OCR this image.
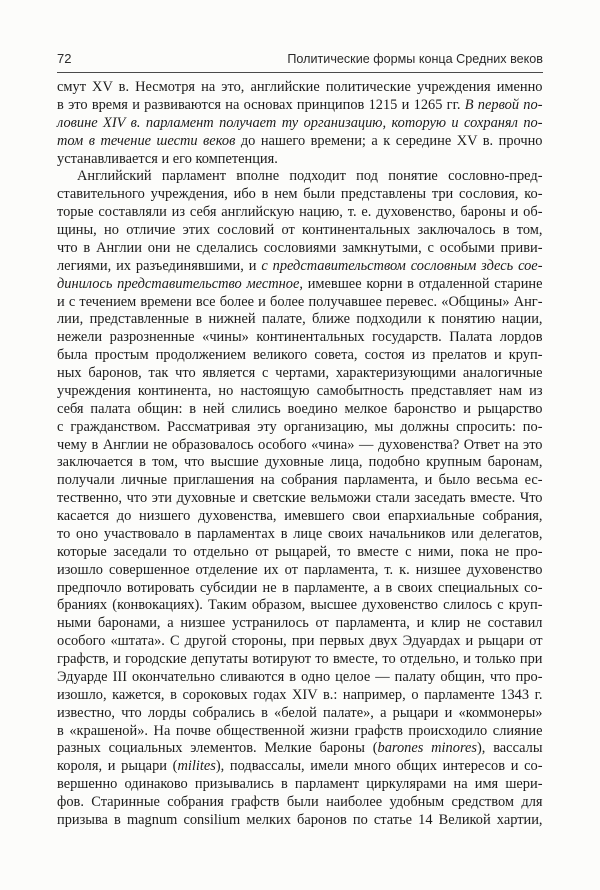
72	Политические формы конца Средних веков
смут XV в. Несмотря на это, английские политические учреждения именно
в это время и развиваются на основах принципов 1215 и 1265 гг. В первой по-
ловине XIV в. парламент получает ту организацию, которую и сохранял по-
том в течение шести веков до нашего времени; а к середине XV в. прочно
устанавливается и его компетенция.
Английский парламент вполне подходит под понятие сословно-пред-
ставительного учреждения, ибо в нем были представлены три сословия, ко-
торые составляли из себя английскую нацию, т. е. духовенство, бароны и об-
щины, но отличие этих сословий от континентальных заключалось в том,
что в Англии они не сделались сословиями замкнутыми, с особыми приви-
легиями, их разъединявшими, и с представительством сословным здесь сое-
динилось представительство местное, имевшее корни в отдаленной старине
и с течением времени все более и более получавшее перевес. «Общины» Анг-
лии, представленные в нижней палате, ближе подходили к понятию нации,
нежели разрозненные «чины» континентальных государств. Палата лордов
была простым продолжением великого совета, состоя из прелатов и круп-
ных баронов, так что является с чертами, характеризующими аналогичные
учреждения континента, но настоящую самобытность представляет нам из
себя палата общин: в ней слились воедино мелкое баронство и рыцарство
с гражданством. Рассматривая эту организацию, мы должны спросить: по-
чему в Англии не образовалось особого «чина» — духовенства? Ответ на это
заключается в том, что высшие духовные лица, подобно крупным баронам,
получали личные приглашения на собрания парламента, и было весьма ес-
тественно, что эти духовные и светские вельможи стали заседать вместе. Что
касается до низшего духовенства, имевшего свои епархиальные собрания,
то оно участвовало в парламентах в лице своих начальников или делегатов,
которые заседали то отдельно от рыцарей, то вместе с ними, пока не про-
изошло совершенное отделение их от парламента, т. к. низшее духовенство
предпочло вотировать субсидии не в парламенте, а в своих специальных со-
браниях (конвокациях). Таким образом, высшее духовенство слилось с круп-
ными баронами, а низшее устранилось от парламента, и клир не составил
особого «штата». С другой стороны, при первых двух Эдуардах и рыцари от
графств, и городские депутаты вотируют то вместе, то отдельно, и только при
Эдуарде III окончательно сливаются в одно целое — палату общин, что про-
изошло, кажется, в сороковых годах XIV в.: например, о парламенте 1343 г.
известно, что лорды собрались в «белой палате», а рыцари и «коммонеры»
в «крашеной». На почве общественной жизни графств происходило слияние
разных социальных элементов. Мелкие бароны (barones minores), вассалы
короля, и рыцари (milites), подвассалы, имели много общих интересов и со-
вершенно одинаково призывались в парламент циркулярами на имя шери-
фов. Старинные собрания графств были наиболее удобным средством для
призыва в magnum consilium мелких баронов по статье 14 Великой хартии,
